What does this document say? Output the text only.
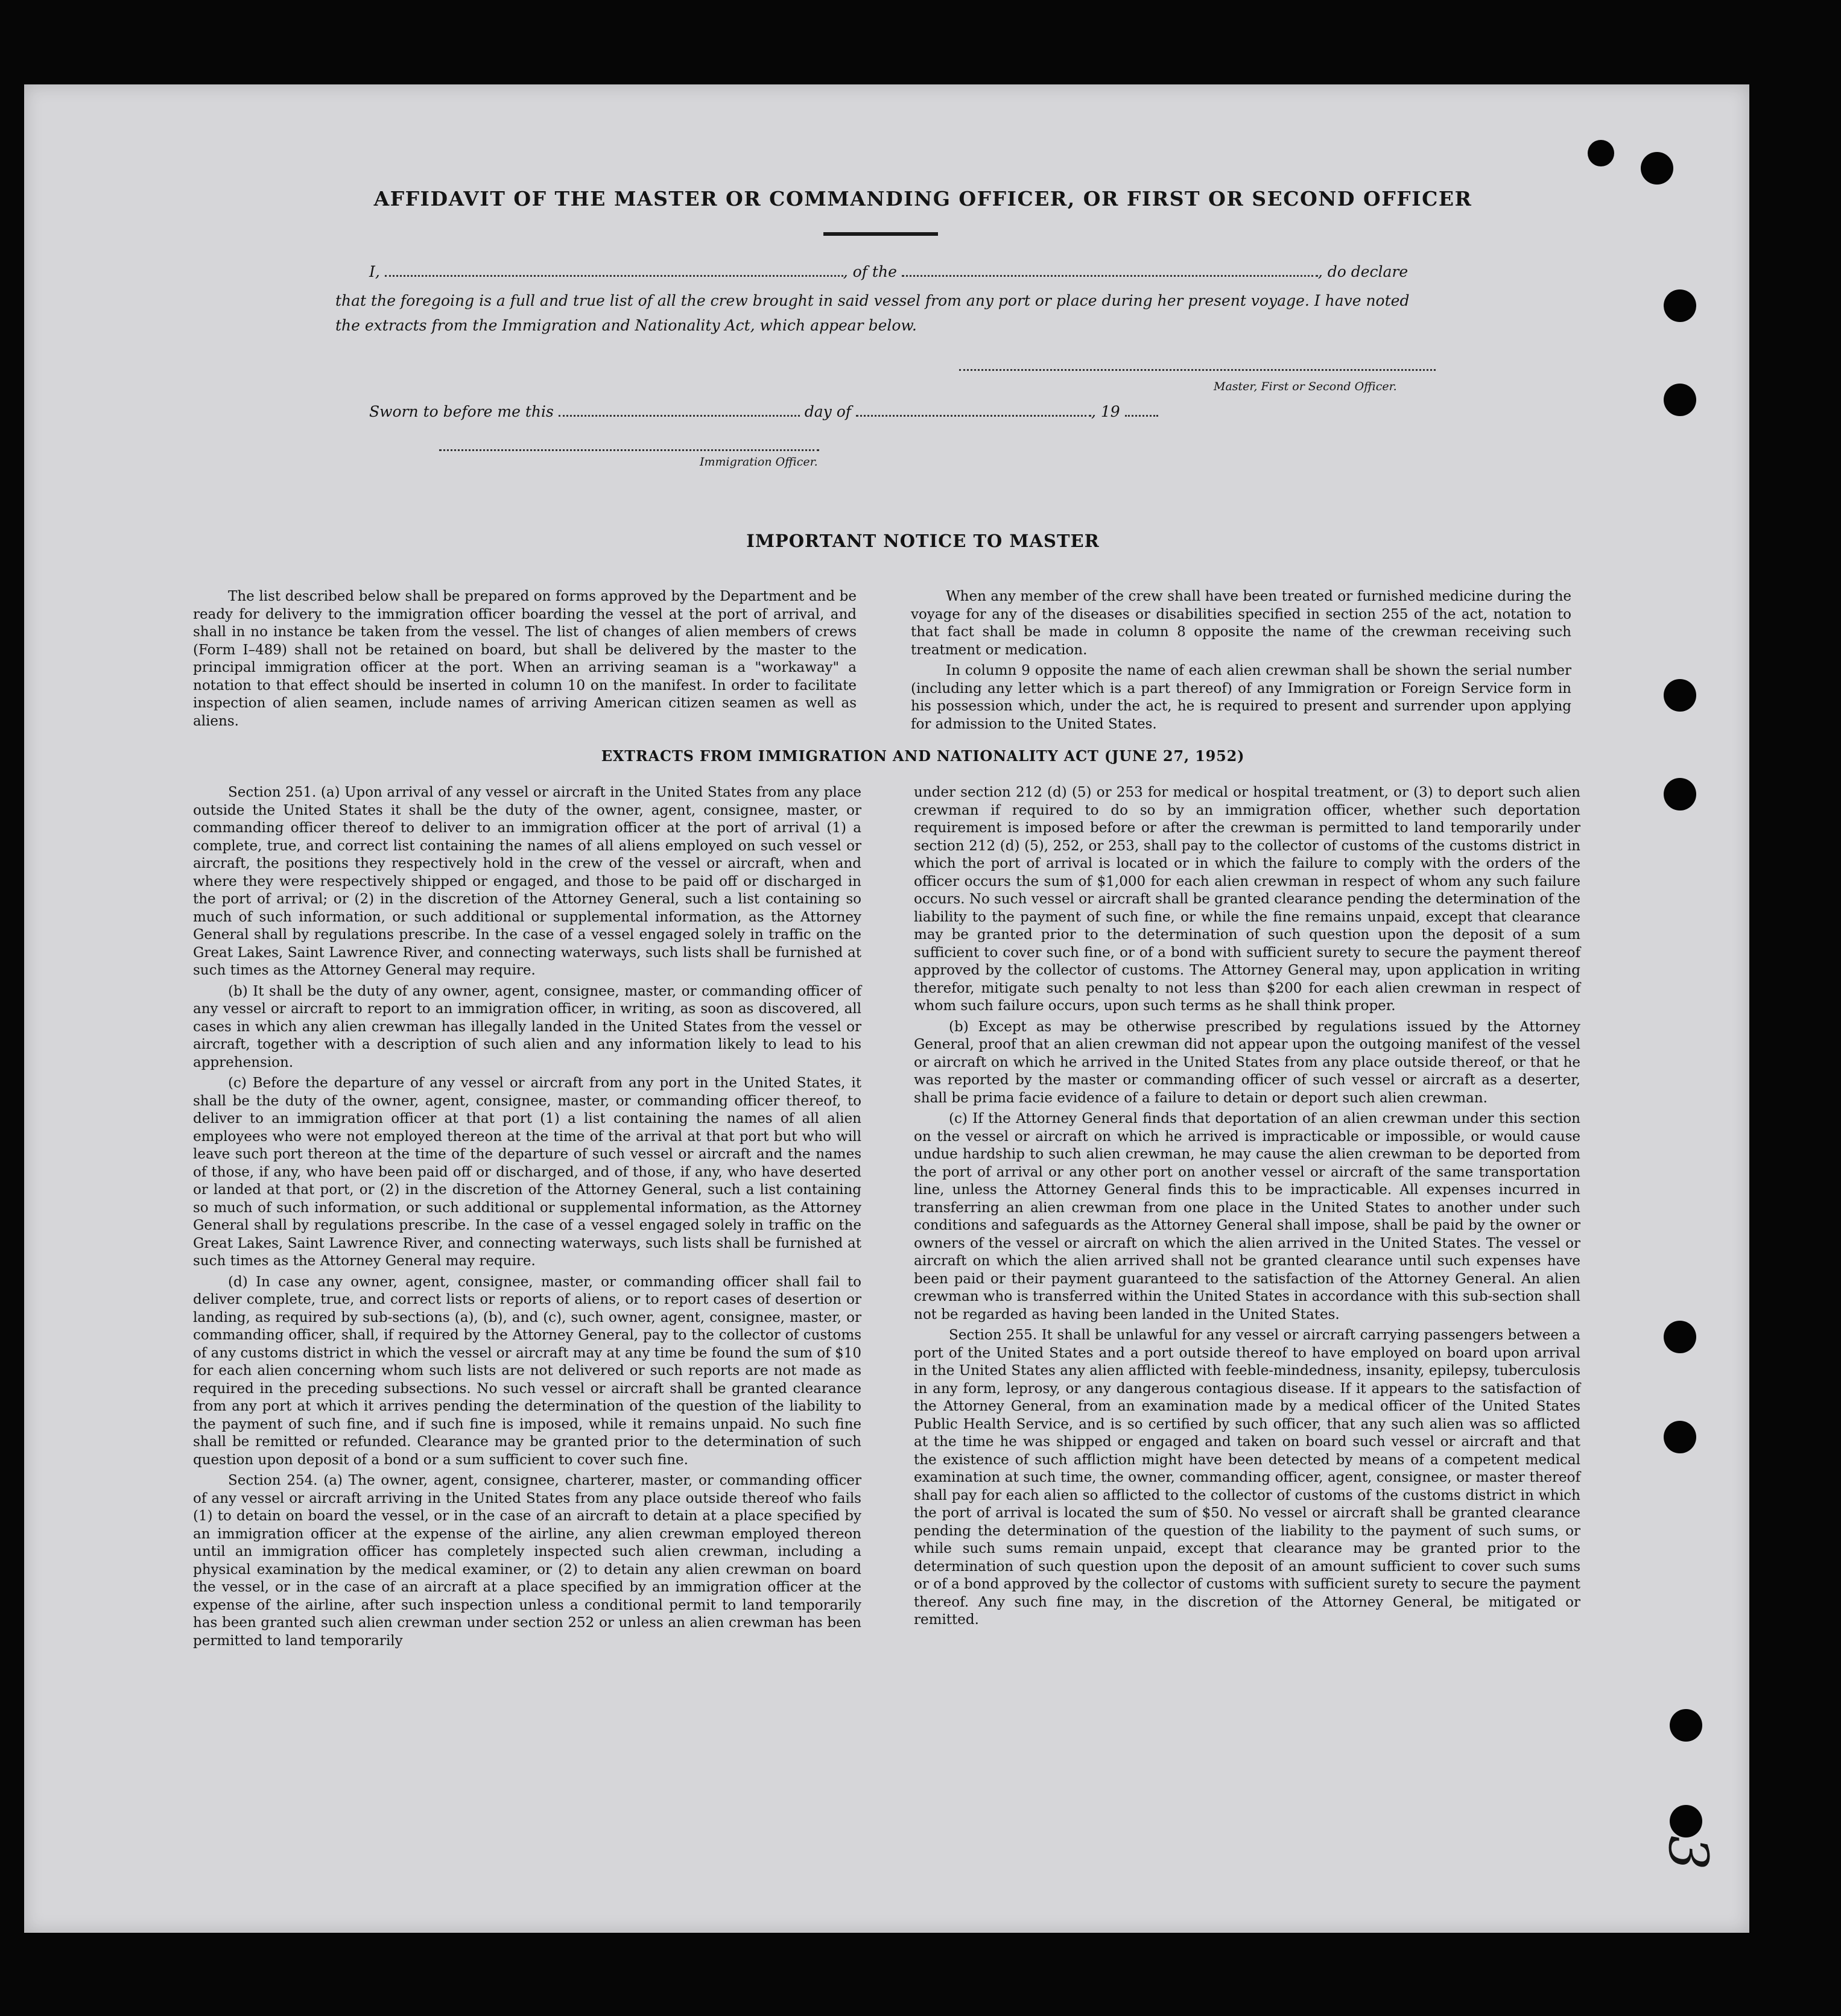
3
AFFIDAVIT OF THE MASTER OR COMMANDING OFFICER, OR FIRST OR SECOND OFFICER
I,	, of the	, do declare
that the foregoing is a full and true list of all the crew brought in said vessel from any port or place during her present voyage. I have noted
the extracts from the Immigration and Nationality Act, which appear below.
Master, First or Second Officer.
Sworn to before me this	day of	, 19
Immigration Officer.
IMPORTANT NOTICE TO MASTER

The list described below shall be prepared on forms approved by the Department and be ready for delivery to the immigration officer boarding the vessel at the port of arrival, and shall in no instance be taken from the vessel. The list of changes of alien members of crews (Form I–489) shall not be retained on board, but shall be delivered by the master to the principal immigration officer at the port. When an arriving seaman is a "workaway" a notation to that effect should be inserted in column 10 on the manifest. In order to facilitate inspection of alien seamen, include names of arriving American citizen seamen as well as aliens.

When any member of the crew shall have been treated or furnished medicine during the voyage for any of the diseases or disabilities specified in section 255 of the act, notation to that fact shall be made in column 8 opposite the name of the crewman receiving such treatment or medication.

In column 9 opposite the name of each alien crewman shall be shown the serial number (including any letter which is a part thereof) of any Immigration or Foreign Service form in his possession which, under the act, he is required to present and surrender upon applying for admission to the United States.

EXTRACTS FROM IMMIGRATION AND NATIONALITY ACT (JUNE 27, 1952)

Section 251. (a) Upon arrival of any vessel or aircraft in the United States from any place outside the United States it shall be the duty of the owner, agent, consignee, master, or commanding officer thereof to deliver to an immigration officer at the port of arrival (1) a complete, true, and correct list containing the names of all aliens employed on such vessel or aircraft, the positions they respectively hold in the crew of the vessel or aircraft, when and where they were respectively shipped or engaged, and those to be paid off or discharged in the port of arrival; or (2) in the discretion of the Attorney General, such a list containing so much of such information, or such additional or supplemental information, as the Attorney General shall by regulations prescribe. In the case of a vessel engaged solely in traffic on the Great Lakes, Saint Lawrence River, and connecting waterways, such lists shall be furnished at such times as the Attorney General may require.

(b) It shall be the duty of any owner, agent, consignee, master, or commanding officer of any vessel or aircraft to report to an immigration officer, in writing, as soon as discovered, all cases in which any alien crewman has illegally landed in the United States from the vessel or aircraft, together with a description of such alien and any information likely to lead to his apprehension.

(c) Before the departure of any vessel or aircraft from any port in the United States, it shall be the duty of the owner, agent, consignee, master, or commanding officer thereof, to deliver to an immigration officer at that port (1) a list containing the names of all alien employees who were not employed thereon at the time of the arrival at that port but who will leave such port thereon at the time of the departure of such vessel or aircraft and the names of those, if any, who have been paid off or discharged, and of those, if any, who have deserted or landed at that port, or (2) in the discretion of the Attorney General, such a list containing so much of such information, or such additional or supplemental information, as the Attorney General shall by regulations prescribe. In the case of a vessel engaged solely in traffic on the Great Lakes, Saint Lawrence River, and connecting waterways, such lists shall be furnished at such times as the Attorney General may require.

(d) In case any owner, agent, consignee, master, or commanding officer shall fail to deliver complete, true, and correct lists or reports of aliens, or to report cases of desertion or landing, as required by sub-sections (a), (b), and (c), such owner, agent, consignee, master, or commanding officer, shall, if required by the Attorney General, pay to the collector of customs of any customs district in which the vessel or aircraft may at any time be found the sum of $10 for each alien concerning whom such lists are not delivered or such reports are not made as required in the preceding subsections. No such vessel or aircraft shall be granted clearance from any port at which it arrives pending the determination of the question of the liability to the payment of such fine, and if such fine is imposed, while it remains unpaid. No such fine shall be remitted or refunded. Clearance may be granted prior to the determination of such question upon deposit of a bond or a sum sufficient to cover such fine.

Section 254. (a) The owner, agent, consignee, charterer, master, or commanding officer of any vessel or aircraft arriving in the United States from any place outside thereof who fails (1) to detain on board the vessel, or in the case of an aircraft to detain at a place specified by an immigration officer at the expense of the airline, any alien crewman employed thereon until an immigration officer has completely inspected such alien crewman, including a physical examination by the medical examiner, or (2) to detain any alien crewman on board the vessel, or in the case of an aircraft at a place specified by an immigration officer at the expense of the airline, after such inspection unless a conditional permit to land temporarily has been granted such alien crewman under section 252 or unless an alien crewman has been permitted to land temporarily

under section 212 (d) (5) or 253 for medical or hospital treatment, or (3) to deport such alien crewman if required to do so by an immigration officer, whether such deportation requirement is imposed before or after the crewman is permitted to land temporarily under section 212 (d) (5), 252, or 253, shall pay to the collector of customs of the customs district in which the port of arrival is located or in which the failure to comply with the orders of the officer occurs the sum of $1,000 for each alien crewman in respect of whom any such failure occurs. No such vessel or aircraft shall be granted clearance pending the determination of the liability to the payment of such fine, or while the fine remains unpaid, except that clearance may be granted prior to the determination of such question upon the deposit of a sum sufficient to cover such fine, or of a bond with sufficient surety to secure the payment thereof approved by the collector of customs. The Attorney General may, upon application in writing therefor, mitigate such penalty to not less than $200 for each alien crewman in respect of whom such failure occurs, upon such terms as he shall think proper.

(b) Except as may be otherwise prescribed by regulations issued by the Attorney General, proof that an alien crewman did not appear upon the outgoing manifest of the vessel or aircraft on which he arrived in the United States from any place outside thereof, or that he was reported by the master or commanding officer of such vessel or aircraft as a deserter, shall be prima facie evidence of a failure to detain or deport such alien crewman.

(c) If the Attorney General finds that deportation of an alien crewman under this section on the vessel or aircraft on which he arrived is impracticable or impossible, or would cause undue hardship to such alien crewman, he may cause the alien crewman to be deported from the port of arrival or any other port on another vessel or aircraft of the same transportation line, unless the Attorney General finds this to be impracticable. All expenses incurred in transferring an alien crewman from one place in the United States to another under such conditions and safeguards as the Attorney General shall impose, shall be paid by the owner or owners of the vessel or aircraft on which the alien arrived in the United States. The vessel or aircraft on which the alien arrived shall not be granted clearance until such expenses have been paid or their payment guaranteed to the satisfaction of the Attorney General. An alien crewman who is transferred within the United States in accordance with this sub-section shall not be regarded as having been landed in the United States.

Section 255. It shall be unlawful for any vessel or aircraft carrying passengers between a port of the United States and a port outside thereof to have employed on board upon arrival in the United States any alien afflicted with feeble-mindedness, insanity, epilepsy, tuberculosis in any form, leprosy, or any dangerous contagious disease. If it appears to the satisfaction of the Attorney General, from an examination made by a medical officer of the United States Public Health Service, and is so certified by such officer, that any such alien was so afflicted at the time he was shipped or engaged and taken on board such vessel or aircraft and that the existence of such affliction might have been detected by means of a competent medical examination at such time, the owner, commanding officer, agent, consignee, or master thereof shall pay for each alien so afflicted to the collector of customs of the customs district in which the port of arrival is located the sum of $50. No vessel or aircraft shall be granted clearance pending the determination of the question of the liability to the payment of such sums, or while such sums remain unpaid, except that clearance may be granted prior to the determination of such question upon the deposit of an amount sufficient to cover such sums or of a bond approved by the collector of customs with sufficient surety to secure the payment thereof. Any such fine may, in the discretion of the Attorney General, be mitigated or remitted.
